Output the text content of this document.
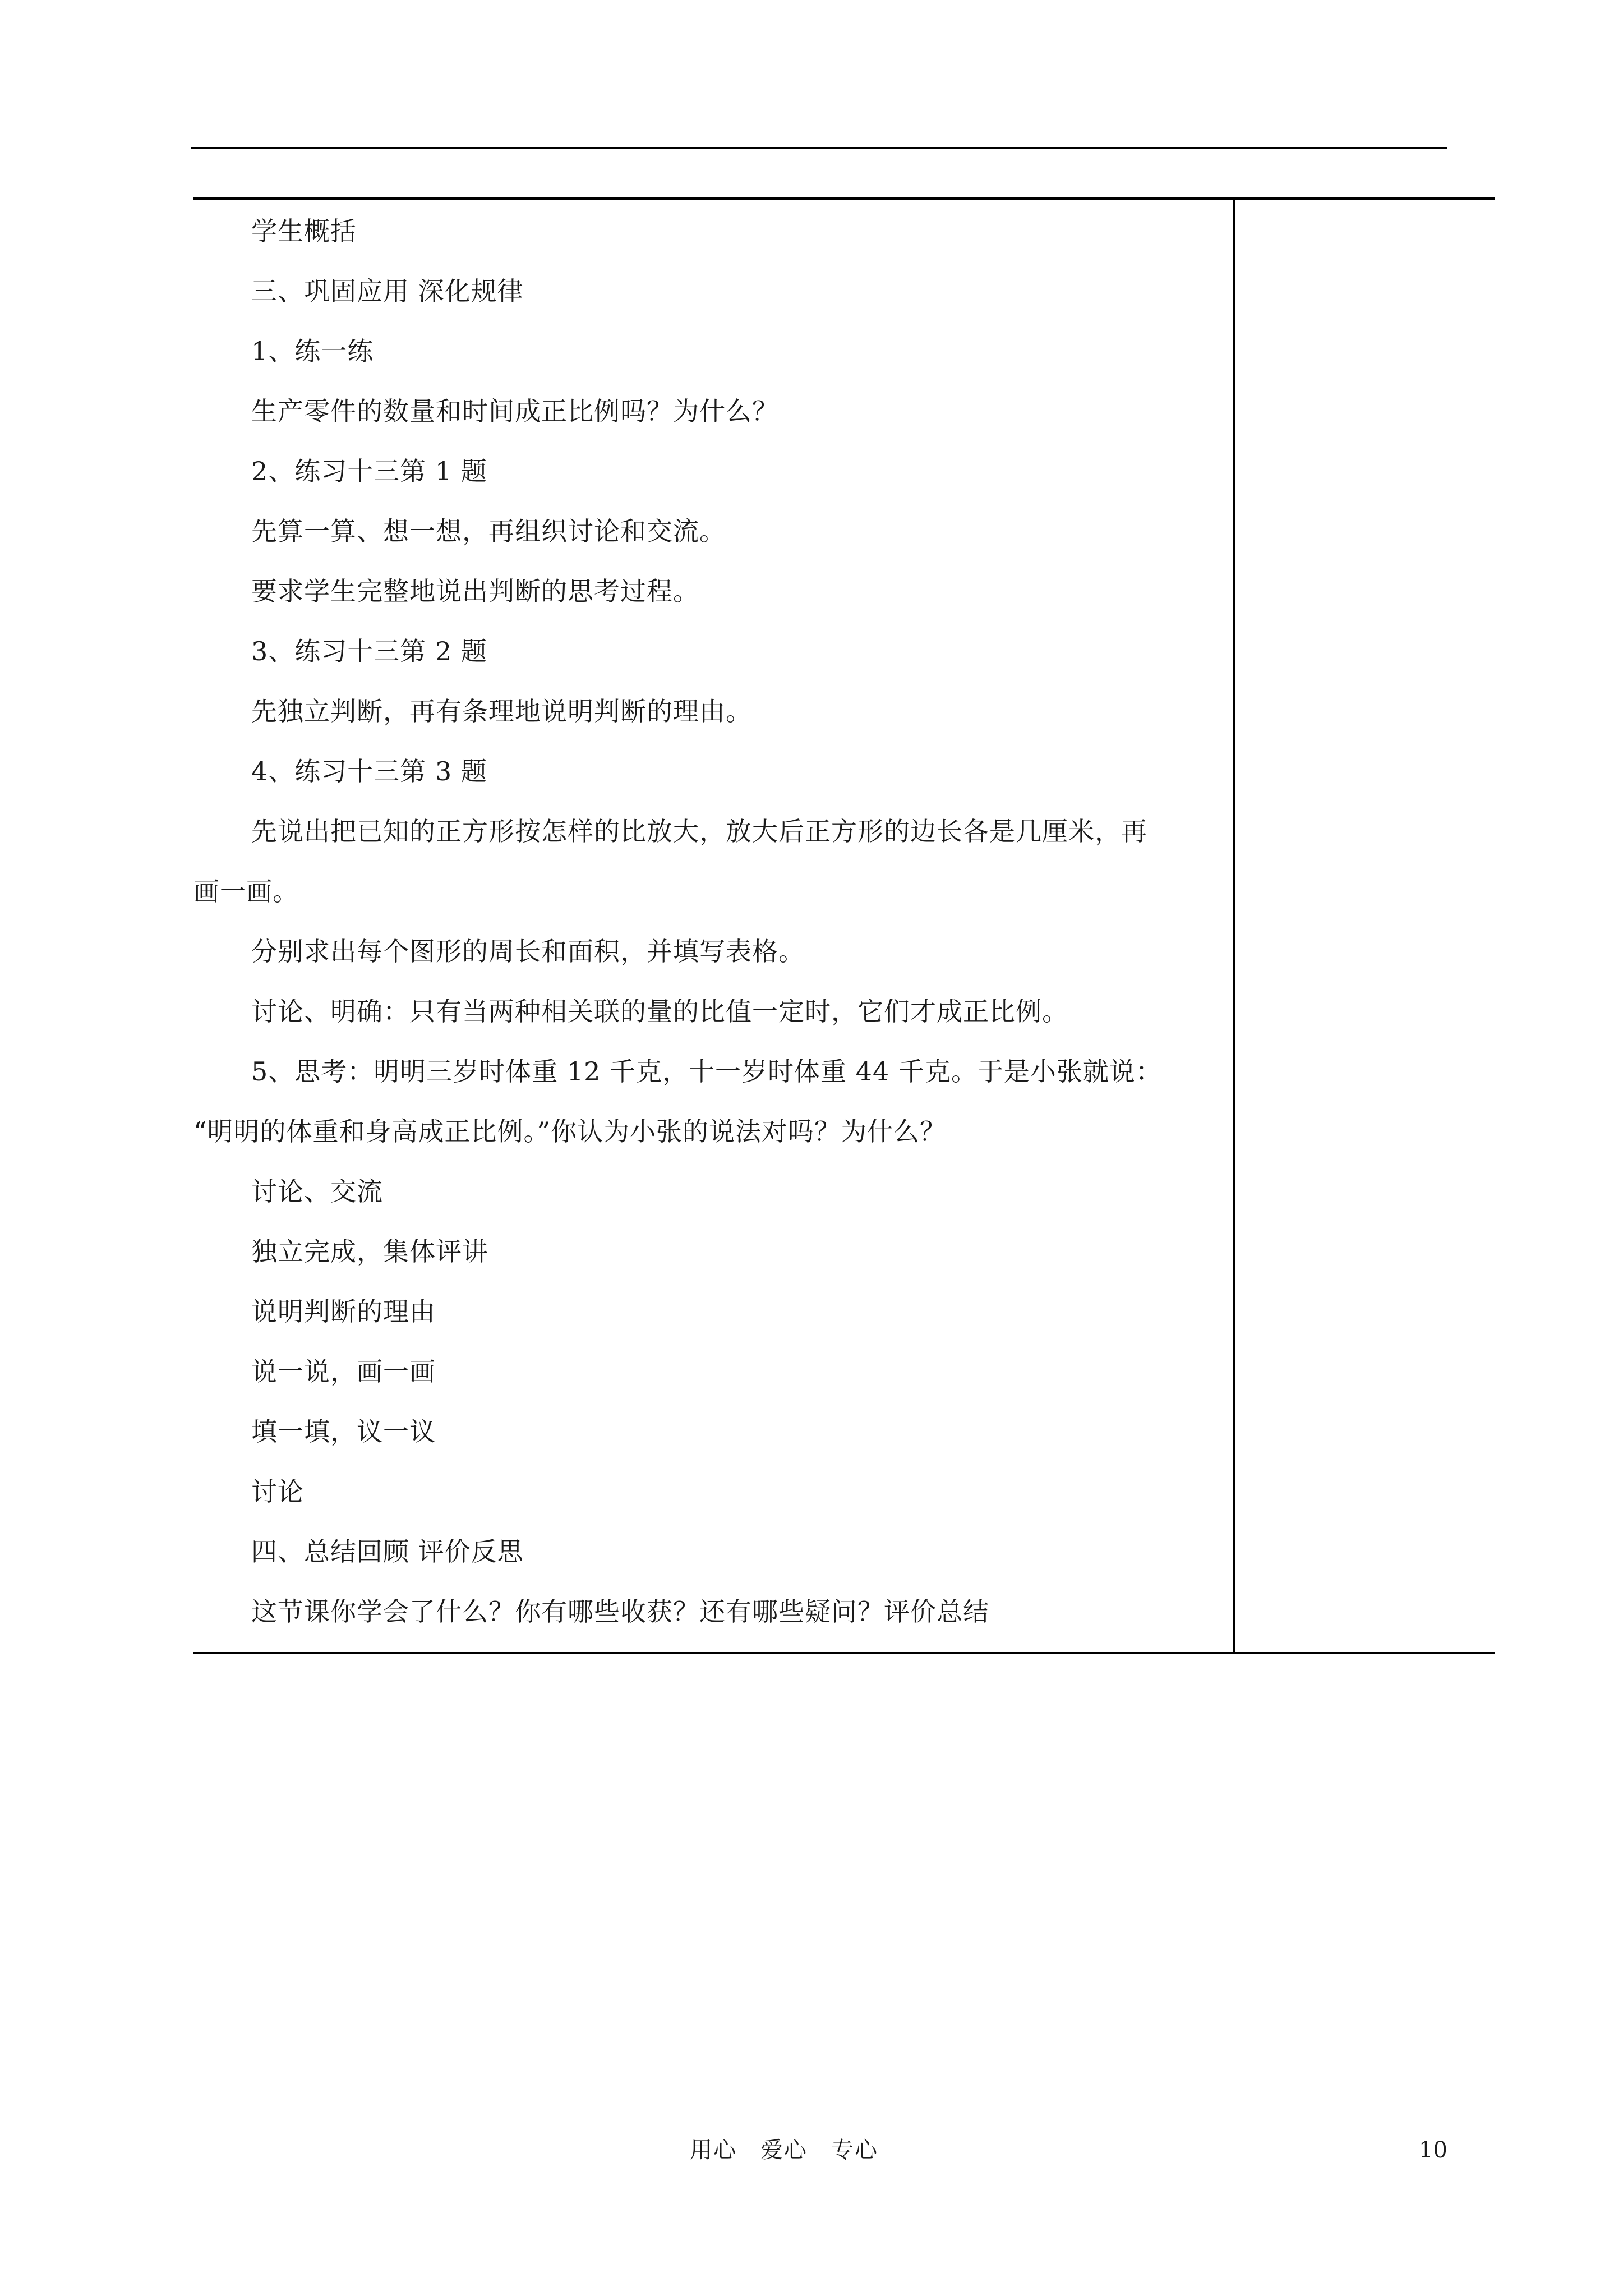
学生概括
三、巩固应用 深化规律
1、练一练
生产零件的数量和时间成正比例吗？为什么？
2、练习十三第 1 题
先算一算、想一想，再组织讨论和交流。
要求学生完整地说出判断的思考过程。
3、练习十三第 2 题
先独立判断，再有条理地说明判断的理由。
4、练习十三第 3 题
先说出把已知的正方形按怎样的比放大，放大后正方形的边长各是几厘米，再
画一画。
分别求出每个图形的周长和面积，并填写表格。
讨论、明确：只有当两种相关联的量的比值一定时，它们才成正比例。
5、思考：明明三岁时体重 12 千克，十一岁时体重 44 千克。于是小张就说：
“明明的体重和身高成正比例。”你认为小张的说法对吗？为什么？
讨论、交流
独立完成，集体评讲
说明判断的理由
说一说，画一画
填一填，议一议
讨论
四、总结回顾 评价反思
这节课你学会了什么？你有哪些收获？还有哪些疑问？评价总结
用心　爱心　专心	10
